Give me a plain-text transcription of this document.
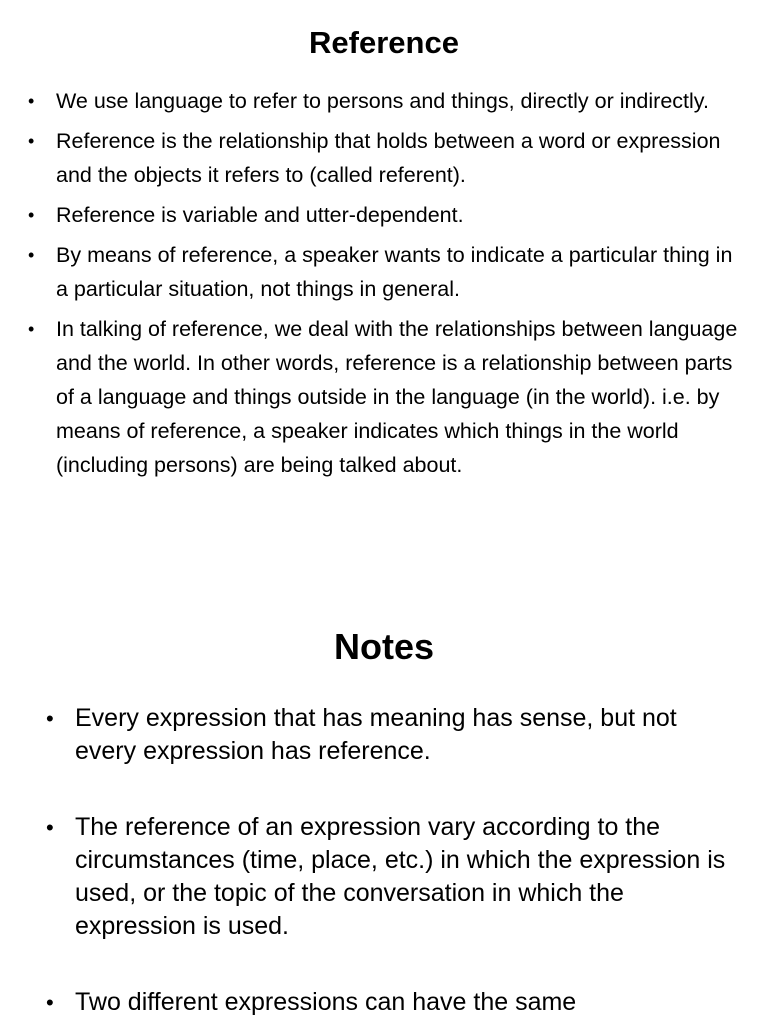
Reference
• We use language to refer to persons and things, directly or indirectly.
• Reference is the relationship that holds between a word or expression and the objects it refers to (called referent).
• Reference is variable and utter-dependent.
• By means of reference, a speaker wants to indicate a particular thing in a particular situation, not things in general.
• In talking of reference, we deal with the relationships between language and the world. In other words, reference is a relationship between parts of a language and things outside in the language (in the world). i.e. by means of reference, a speaker indicates which things in the world (including persons) are being talked about.
Notes
• Every expression that has meaning has sense, but not every expression has reference.
• The reference of an expression vary according to the circumstances (time, place, etc.) in which the expression is used, or the topic of the conversation in which the expression is used.
• Two different expressions can have the same
